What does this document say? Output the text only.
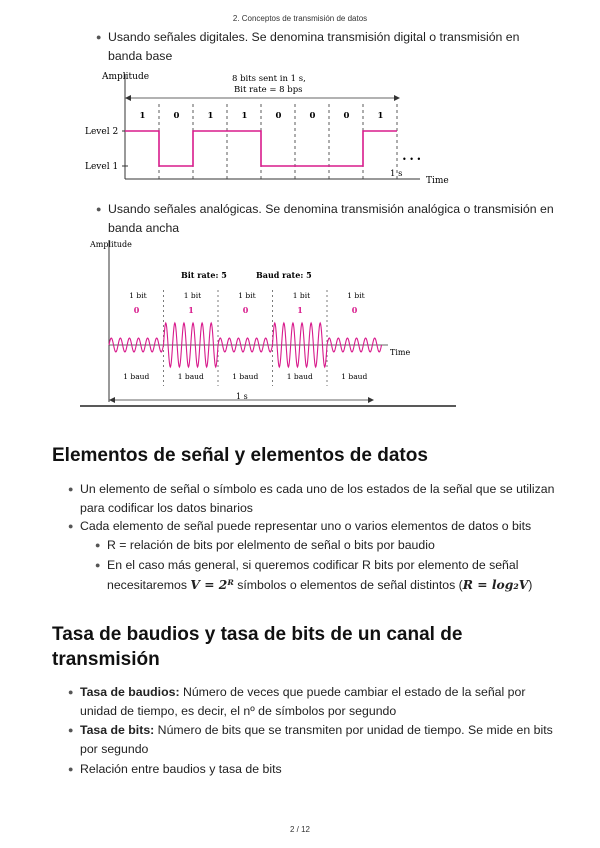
2. Conceptos de transmisión de datos
● Usando señales digitales. Se denomina transmisión digital o transmisión en
banda base
Amplitude
Time
8 bits sent in 1 s,
Bit rate = 8 bps
Level 2
Level 1
1	0	1	1	0	0	0	1
• • •
1 s
● Usando señales analógicas. Se denomina transmisión analógica o transmisión en
banda ancha
Amplitude
Time
Bit rate: 5	Baud rate: 5
1 bit
0
1 baud
1 bit
1
1 baud
1 bit
0
1 baud
1 bit
1
1 baud
1 bit
0
1 baud
1 s
Elementos de señal y elementos de datos
● Un elemento de señal o símbolo es cada uno de los estados de la señal que se utilizan
para codificar los datos binarios
● Cada elemento de señal puede representar uno o varios elementos de datos o bits
● R = relación de bits por elelmento de señal o bits por baudio
● En el caso más general, si queremos codificar R bits por elemento de señal
necesitaremos V = 2ᴿ símbolos o elementos de señal distintos (R = log₂V)
Tasa de baudios y tasa de bits de un canal de
transmisión
● Tasa de baudios: Número de veces que puede cambiar el estado de la señal por
unidad de tiempo, es decir, el nº de símbolos por segundo
● Tasa de bits: Número de bits que se transmiten por unidad de tiempo. Se mide en bits
por segundo
● Relación entre baudios y tasa de bits
2 / 12
